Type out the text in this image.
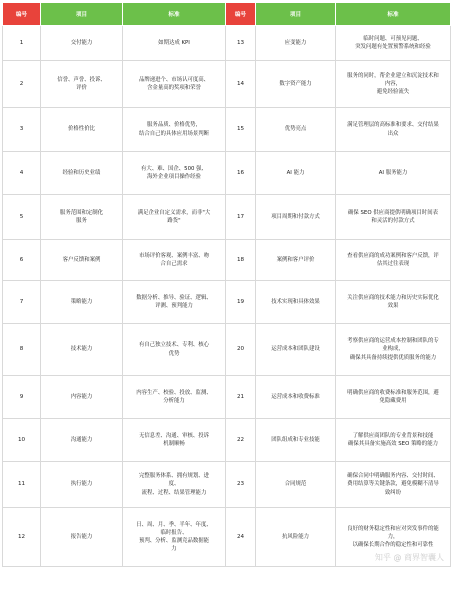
编号	项目	标准	编号	项目	标准
1	交付能力	如期达成 KPI	13	应变能力	临时问题、可预见问题、
突发问题有处置预警系统和经验

2	信誉、声誉、投诉、
评价	品牌递进个、市场认可度高、
含金量高的奖项和荣誉	14	数字资产能力	服务的同时，帮企业建立和沉淀技术和
内容，
避免经验流失

3	价格性价比	服务品质、价格优势，
结合自己的具体应用场景判断	15	优势亮点	满足管理层的高标准和要求、交付结果
出众

4	经验和历史业绩	有大、难、国企、500 强、
海外企业项目操作经验	16	AI 能力	AI 服务能力

5	服务范围和定制化
服务	满足企业自定义需求，而非"大
路货"	17	项目周期和付款方式	确保 SEO 供应商提供明确项目时间表
和灵活的付款方式

6	客户反馈和案例	市场评价客观、案例丰富、吻
合自己需求	18	案例和客户评价	查看供应商的成功案例和客户反馈，评
估其过往表现

7	策略能力	数据分析、推导、验证、逻辑、
评测、预判能力	19	技术实现和具体效果	关注供应商的技术能力和历史实际优化
效果

8	技术能力	有自己独立技术、专利、核心
优势	20	运营成本和团队建设	考察供应商的运营成本控制和团队的专
业构成，
确保其具备持续提供优质服务的能力

9	内容能力	内容生产、校验、投放、监测、
分析能力	21	运营成本和收费标准	明确供应商的收费标准和服务范围，避
免隐藏费用

10	沟通能力	无信息差、沟通、审核、投诉
机制顺畅	22	团队组成和专业技能	了解供应商团队的专业背景和技能
确保其具备实施高效 SEO 策略的能力

11	执行能力	完整服务体系、拥有规划、进
度、
流程、过程、结果管理能力	23	合同规范	确保合同中明确服务内容、交付时间、
费用结算等关键条款，避免模糊不清导
致纠纷

12	报告能力	日、周、月、季、半年、年度、
临时报告、
预判、分析、监测竞品数据能
力	24	抗风险能力	良好的财务稳定性和应对突发事件的能
力，
以确保长期合作的稳定性和可靠性
知乎 @ 商界智囊人
